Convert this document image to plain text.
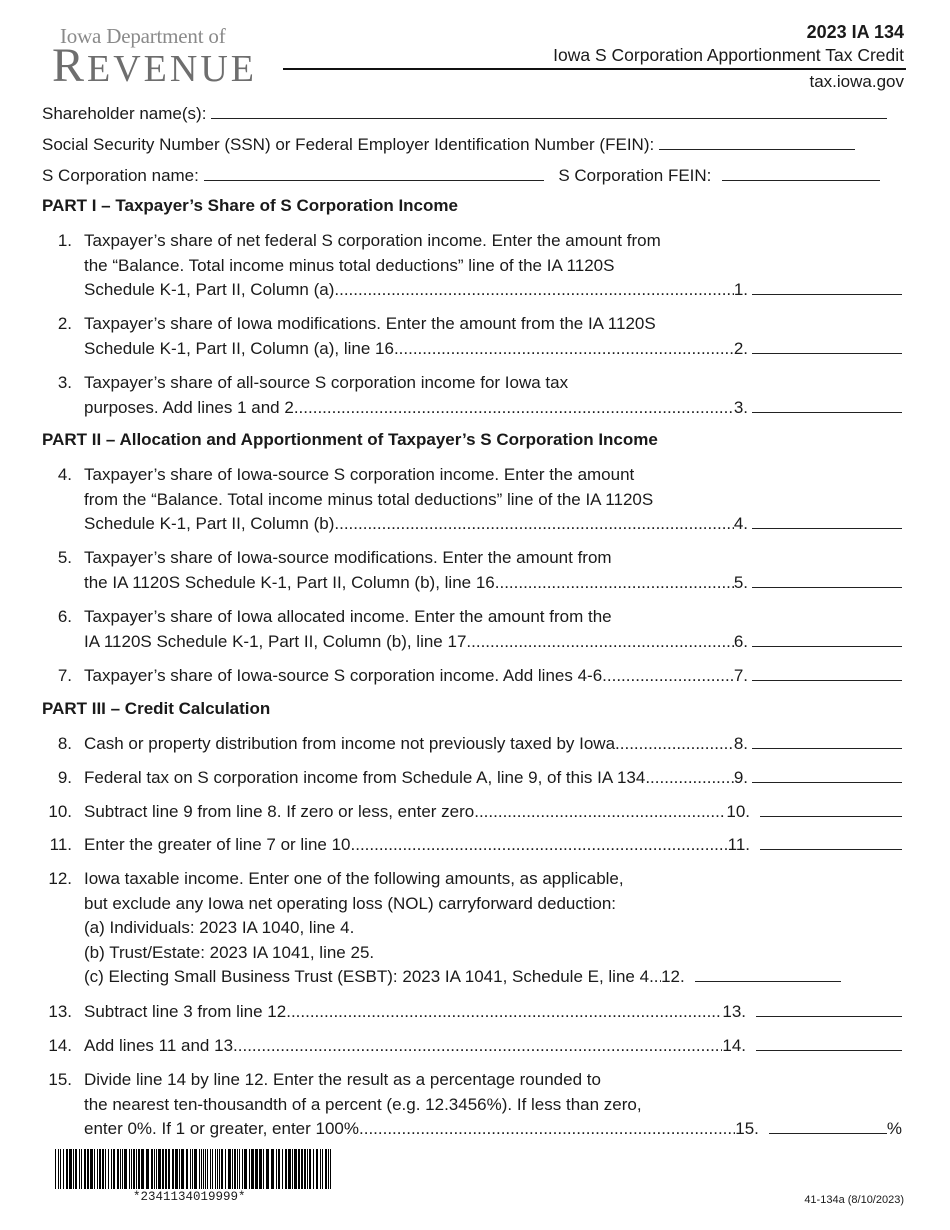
Iowa Department of
REVENUE
2023 IA 134
Iowa S Corporation Apportionment Tax Credit
tax.iowa.gov
Shareholder name(s):
Social Security Number (SSN) or Federal Employer Identification Number (FEIN):
S Corporation name:	S Corporation FEIN:
PART I – Taxpayer’s Share of S Corporation Income
1. Taxpayer’s share of net federal S corporation income. Enter the amount from
the “Balance. Total income minus total deductions” line of the IA 1120S
Schedule K-1, Part II, Column (a) .....	1.
2. Taxpayer’s share of Iowa modifications. Enter the amount from the IA 1120S
Schedule K-1, Part II, Column (a), line 16 .....	2.
3. Taxpayer’s share of all-source S corporation income for Iowa tax
purposes. Add lines 1 and 2 .....	3.
PART II – Allocation and Apportionment of Taxpayer’s S Corporation Income
4. Taxpayer’s share of Iowa-source S corporation income. Enter the amount
from the “Balance. Total income minus total deductions” line of the IA 1120S
Schedule K-1, Part II, Column (b) .....	4.
5. Taxpayer’s share of Iowa-source modifications. Enter the amount from
the IA 1120S Schedule K-1, Part II, Column (b), line 16 .....	5.
6. Taxpayer’s share of Iowa allocated income. Enter the amount from the
IA 1120S Schedule K-1, Part II, Column (b), line 17 .....	6.
7. Taxpayer’s share of Iowa-source S corporation income. Add lines 4-6 .....	7.
PART III – Credit Calculation
8. Cash or property distribution from income not previously taxed by Iowa .....	8.
9. Federal tax on S corporation income from Schedule A, line 9, of this IA 134 .....	9.
10. Subtract line 9 from line 8. If zero or less, enter zero .....	10.
11. Enter the greater of line 7 or line 10 .....	11.
12. Iowa taxable income. Enter one of the following amounts, as applicable,
but exclude any Iowa net operating loss (NOL) carryforward deduction:
(a) Individuals: 2023 IA 1040, line 4.
(b) Trust/Estate: 2023 IA 1041, line 25.
(c) Electing Small Business Trust (ESBT): 2023 IA 1041, Schedule E, line 4 ..... 12.
13. Subtract line 3 from line 12 .....	13.
14. Add lines 11 and 13 .....	14.
15. Divide line 14 by line 12. Enter the result as a percentage rounded to
the nearest ten-thousandth of a percent (e.g. 12.3456%). If less than zero,
enter 0%. If 1 or greater, enter 100% .....	15.	%
*2341134019999*	41-134a (8/10/2023)
